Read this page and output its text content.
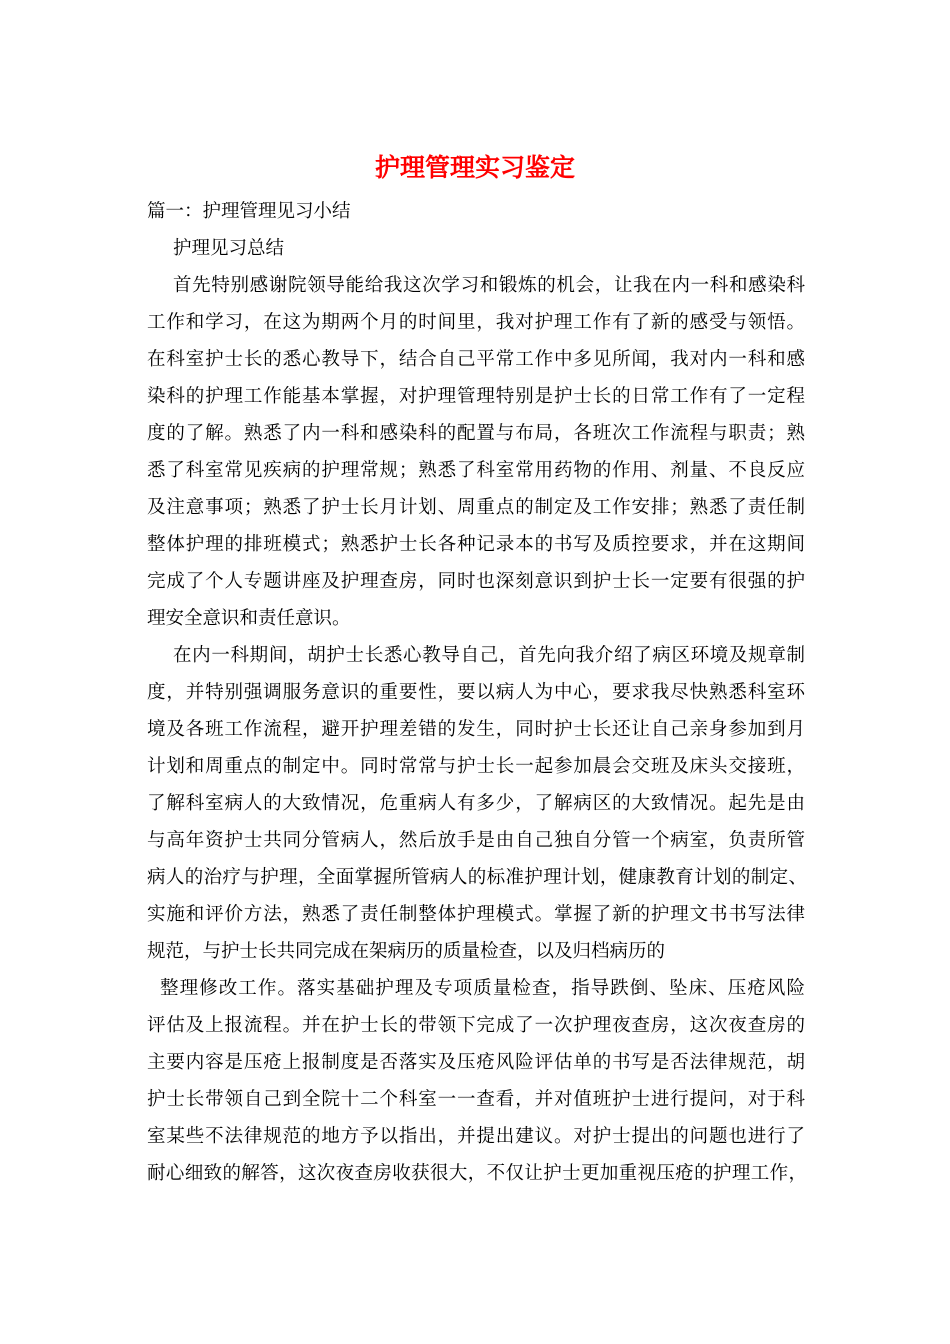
护理管理实习鉴定

篇一：护理管理见习小结

护理见习总结

首先特别感谢院领导能给我这次学习和锻炼的机会，让我在内一科和感染科

工作和学习，在这为期两个月的时间里，我对护理工作有了新的感受与领悟。

在科室护士长的悉心教导下，结合自己平常工作中多见所闻，我对内一科和感

染科的护理工作能基本掌握，对护理管理特别是护士长的日常工作有了一定程

度的了解。熟悉了内一科和感染科的配置与布局，各班次工作流程与职责；熟

悉了科室常见疾病的护理常规；熟悉了科室常用药物的作用、剂量、不良反应

及注意事项；熟悉了护士长月计划、周重点的制定及工作安排；熟悉了责任制

整体护理的排班模式；熟悉护士长各种记录本的书写及质控要求，并在这期间

完成了个人专题讲座及护理查房，同时也深刻意识到护士长一定要有很强的护

理安全意识和责任意识。

在内一科期间，胡护士长悉心教导自己，首先向我介绍了病区环境及规章制

度，并特别强调服务意识的重要性，要以病人为中心，要求我尽快熟悉科室环

境及各班工作流程，避开护理差错的发生，同时护士长还让自己亲身参加到月

计划和周重点的制定中。同时常常与护士长一起参加晨会交班及床头交接班，

了解科室病人的大致情况，危重病人有多少，了解病区的大致情况。起先是由

与高年资护士共同分管病人，然后放手是由自己独自分管一个病室，负责所管

病人的治疗与护理，全面掌握所管病人的标准护理计划，健康教育计划的制定、

实施和评价方法，熟悉了责任制整体护理模式。掌握了新的护理文书书写法律

规范，与护士长共同完成在架病历的质量检查，以及归档病历的

整理修改工作。落实基础护理及专项质量检查，指导跌倒、坠床、压疮风险

评估及上报流程。并在护士长的带领下完成了一次护理夜查房，这次夜查房的

主要内容是压疮上报制度是否落实及压疮风险评估单的书写是否法律规范，胡

护士长带领自己到全院十二个科室一一查看，并对值班护士进行提问，对于科

室某些不法律规范的地方予以指出，并提出建议。对护士提出的问题也进行了

耐心细致的解答，这次夜查房收获很大，不仅让护士更加重视压疮的护理工作，
